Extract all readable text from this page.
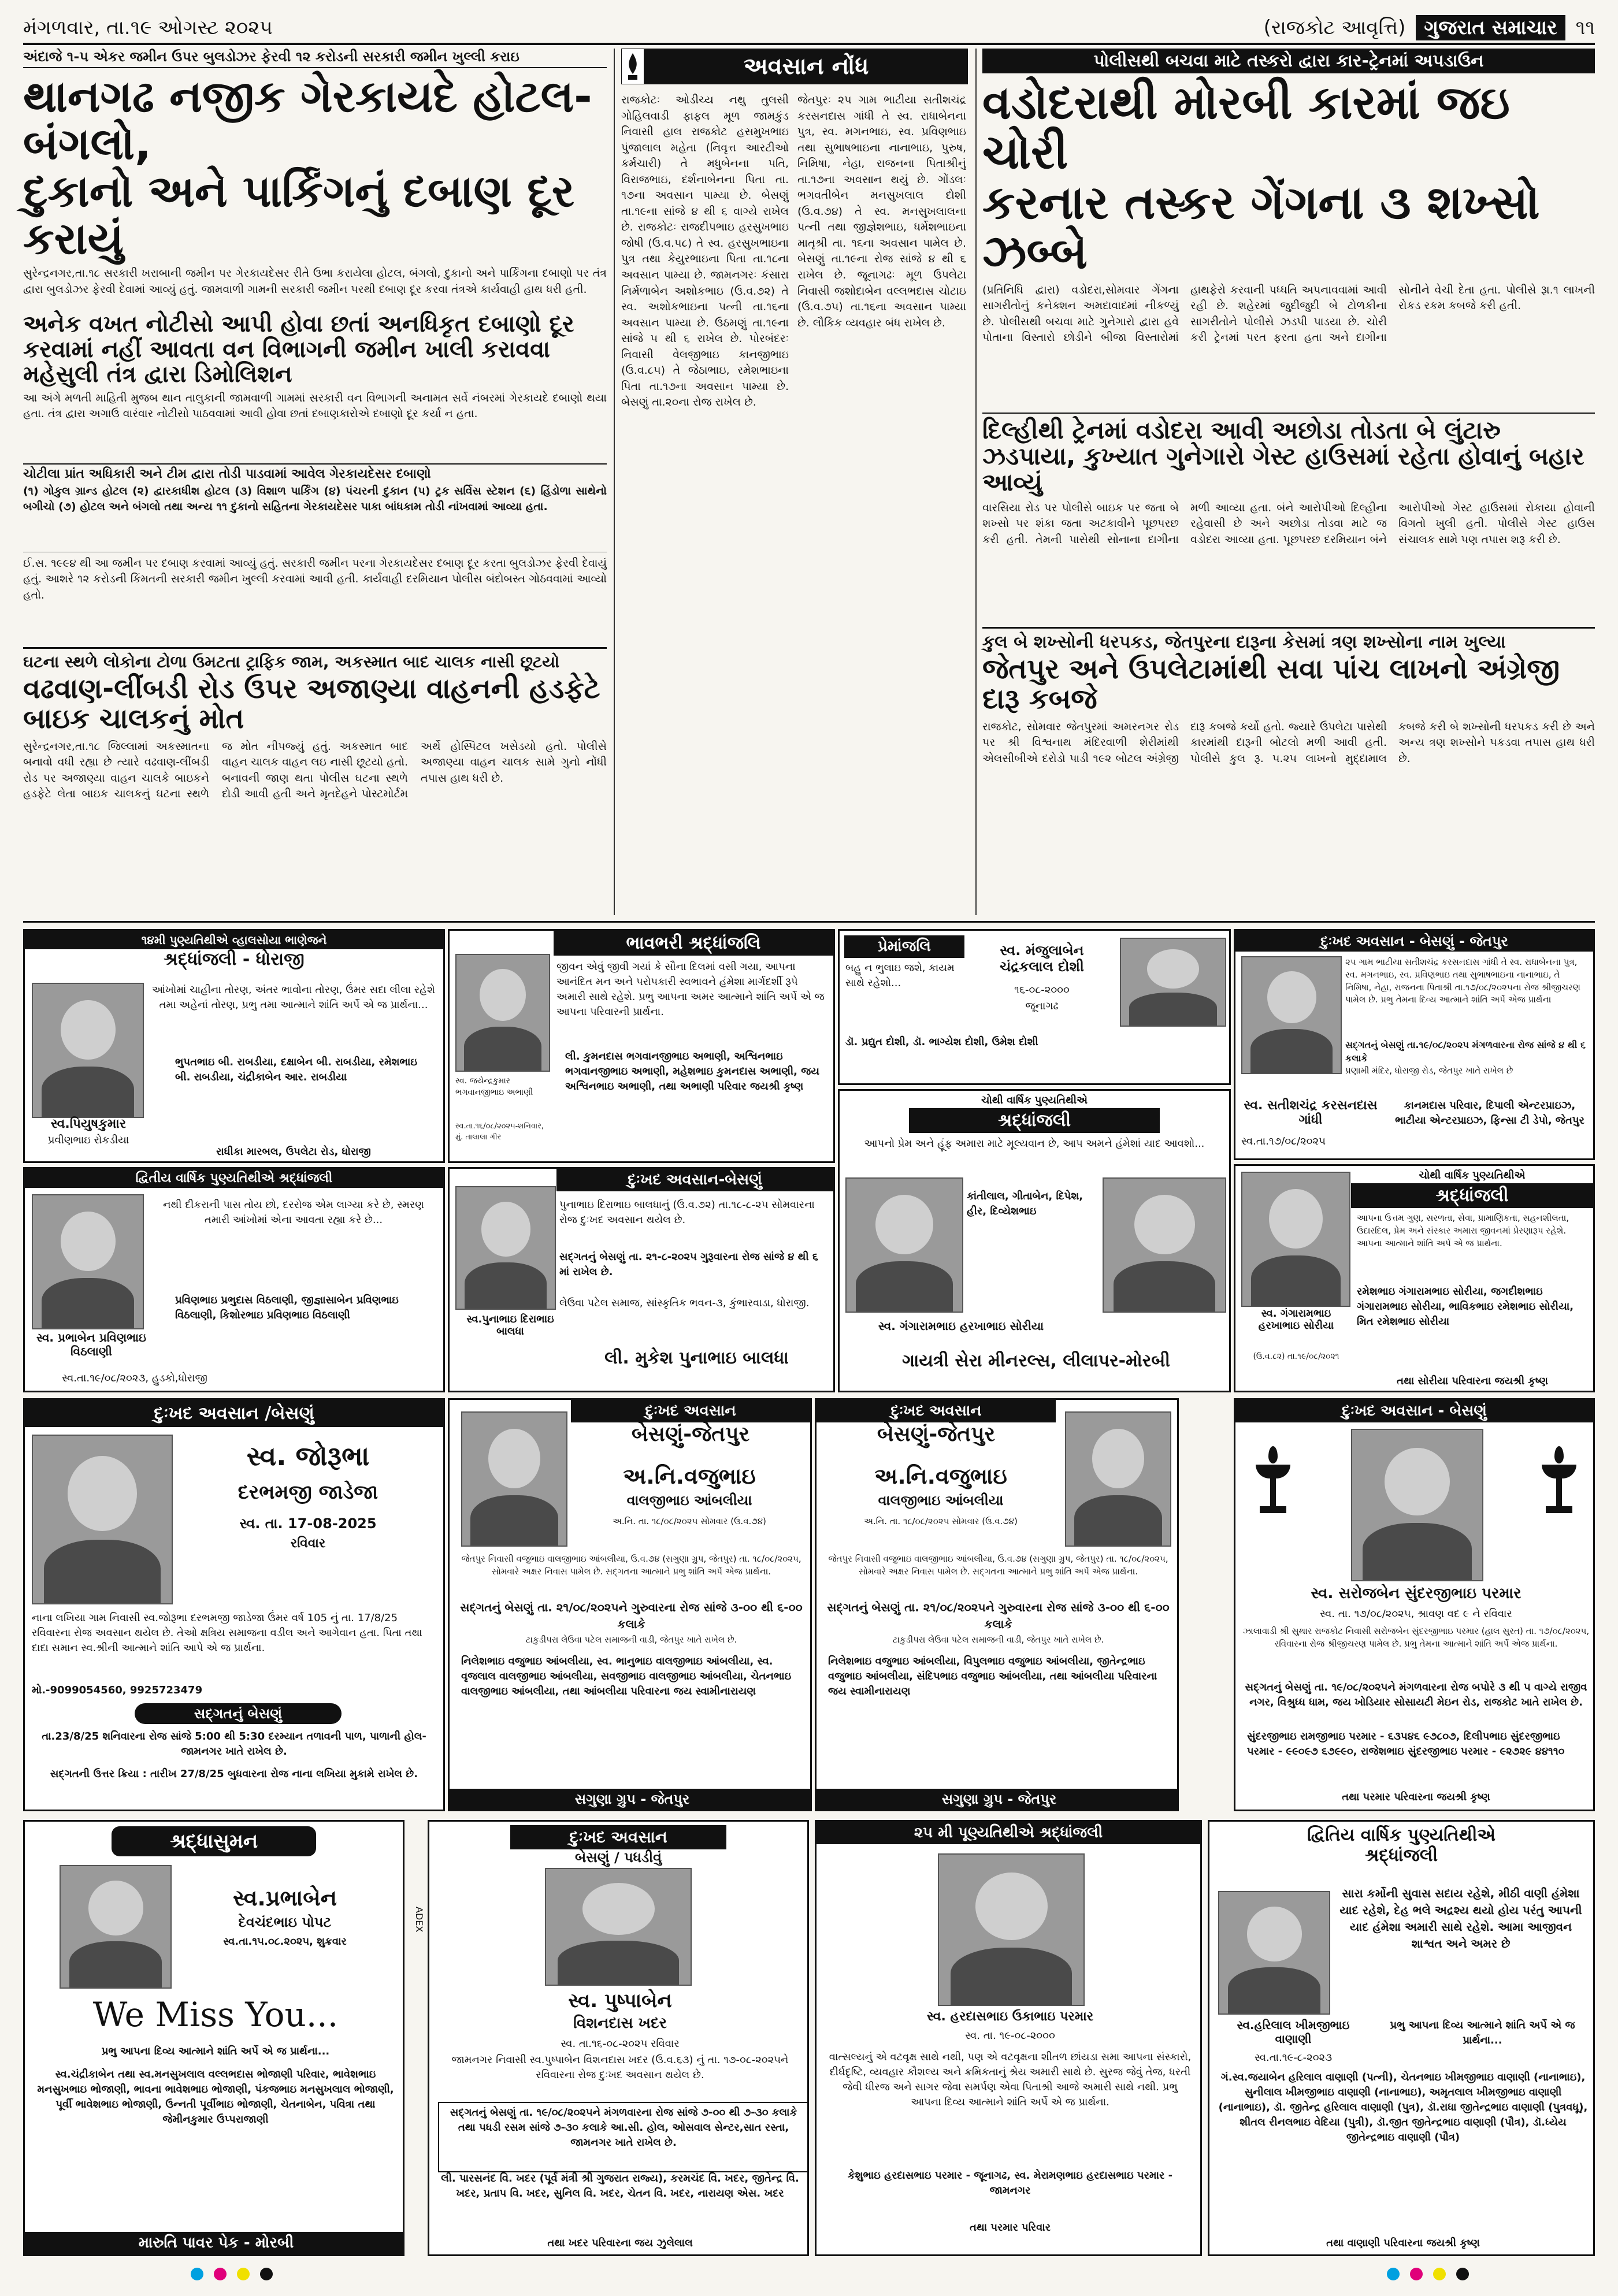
મંગળવાર, તા.૧૯ ઓગસ્ટ ૨૦૨૫	(રાજકોટ આવૃત્તિ) ગુજરાત સમાચાર ૧૧
અંદાજે ૧-૫ એકર જમીન ઉપર બુલડોઝર ફેરવી ૧૨ કરોડની સરકારી જમીન ખુલ્લી કરાઇ
થાનગઢ નજીક ગેરકાયદે હોટલ-બંગલો,
દુકાનો અને પાર્કિંગનું દબાણ દૂર કરાયું
સુરેન્દ્રનગર,તા.૧૮ સરકારી ખરાબાની જમીન પર ગેરકાયદેસર રીતે ઉભા કરાયેલા હોટલ, બંગલો, દુકાનો અને પાર્કિંગના દબાણો પર તંત્ર દ્વારા બુલડોઝર ફેરવી દેવામાં આવ્યું હતું. જામવાળી ગામની સરકારી જમીન પરથી દબાણ દૂર કરવા તંત્રએ કાર્યવાહી હાથ ધરી હતી.
અનેક વખત નોટીસો આપી હોવા છતાં અનધિકૃત દબાણો દૂર કરવામાં નહીં આવતા વન વિભાગની જમીન ખાલી કરાવવા મહેસુલી તંત્ર દ્વારા ડિમોલિશન
આ અંગે મળતી માહિતી મુજબ થાન તાલુકાની જામવાળી ગામમાં સરકારી વન વિભાગની અનામત સર્વે નંબરમાં ગેરકાયદે દબાણો થયા હતા. તંત્ર દ્વારા અગાઉ વારંવાર નોટીસો પાઠવવામાં આવી હોવા છતાં દબાણકારોએ દબાણો દૂર કર્યા ન હતા.
ચોટીલા પ્રાંત અધિકારી અને ટીમ દ્વારા તોડી પાડવામાં આવેલ ગેરકાયદેસર દબાણો
(૧) ગોકુલ ગ્રાન્ડ હોટલ (૨) દ્વારકાધીશ હોટલ (૩) વિશાળ પાર્કિંગ (૪) પંચરની દુકાન (૫) ટ્રક સર્વિસ સ્ટેશન (૬) હિંડોળા સાથેનો બગીચો (૭) હોટલ અને બંગલો તથા અન્ય ૧૧ દુકાનો સહિતના ગેરકાયદેસર પાકા બાંધકામ તોડી નાંખવામાં આવ્યા હતા.
ઈ.સ. ૧૯૯૪ થી આ જમીન પર દબાણ કરવામાં આવ્યું હતું. સરકારી જમીન પરના ગેરકાયદેસર દબાણ દૂર કરતા બુલડોઝર ફેરવી દેવાયું હતું. આશરે ૧૨ કરોડની કિંમતની સરકારી જમીન ખુલ્લી કરવામાં આવી હતી. કાર્યવાહી દરમિયાન પોલીસ બંદોબસ્ત ગોઠવવામાં આવ્યો હતો.
ઘટના સ્થળે લોકોના ટોળા ઉમટતા ટ્રાફિક જામ, અકસ્માત બાદ ચાલક નાસી છૂટયો
વઢવાણ-લીંબડી રોડ ઉપર અજાણ્યા વાહનની હડફેટે બાઇક ચાલકનું મોત
સુરેન્દ્રનગર,તા.૧૮ જિલ્લામાં અકસ્માતના બનાવો વધી રહ્યા છે ત્યારે વઢવાણ-લીંબડી રોડ પર અજાણ્યા વાહન ચાલકે બાઇકને હડફેટે લેતા બાઇક ચાલકનું ઘટના સ્થળે જ મોત નીપજ્યું હતું. અકસ્માત બાદ વાહન ચાલક વાહન લઇ નાસી છૂટયો હતો. બનાવની જાણ થતા પોલીસ ઘટના સ્થળે દોડી આવી હતી અને મૃતદેહને પોસ્ટમોર્ટમ અર્થે હોસ્પિટલ ખસેડયો હતો. પોલીસે અજાણ્યા વાહન ચાલક સામે ગુનો નોંધી તપાસ હાથ ધરી છે.
અવસાન નોંધ
રાજકોટઃ ઓડીચ્ય નથુ તુલસી ગોહિલવાડી ફાફલ મૂળ જામકુંડ નિવાસી હાલ રાજકોટ હસમુખભાઇ પુંજાલાલ મહેતા (નિવૃત્ત આરટીઓ કર્મચારી) તે મધુબેનના પતિ, વિરાજભાઇ, દર્શનાબેનના પિતા તા. ૧૭ના અવસાન પામ્યા છે. બેસણું તા.૧૯ના સાંજે ૪ થી ૬ વાગ્યે રાખેલ છે. રાજકોટઃ રાજદીપભાઇ હરસુખભાઇ જોષી (ઉ.વ.૫૮) તે સ્વ. હરસુખભાઇના પુત્ર તથા કેયુરભાઇના પિતા તા.૧૮ના અવસાન પામ્યા છે. જામનગરઃ કંસારા નિર્મળાબેન અશોકભાઇ (ઉ.વ.૭૨) તે સ્વ. અશોકભાઇના પત્ની તા.૧૬ના અવસાન પામ્યા છે. ઉઠમણું તા.૧૯ના સાંજે ૫ થી ૬ રાખેલ છે. પોરબંદરઃ નિવાસી વેલજીભાઇ કાનજીભાઇ (ઉ.વ.૮૫) તે જેઠાભાઇ, રમેશભાઇના પિતા તા.૧૭ના અવસાન પામ્યા છે. બેસણું તા.૨૦ના રોજ રાખેલ છે.
જેતપુરઃ ૨૫ ગામ ભાટીયા સતીશચંદ્ર કરસનદાસ ગાંધી તે સ્વ. રાધાબેનના પુત્ર, સ્વ. મગનભાઇ, સ્વ. પ્રવિણભાઇ તથા સુભાષભાઇના નાનાભાઇ, પુરુષ, નિમિષા, નેહા, રાજનના પિતાશ્રીનું તા.૧૭ના અવસાન થયું છે. ગોંડલઃ ભગવતીબેન મનસુખલાલ દોશી (ઉ.વ.૭૪) તે સ્વ. મનસુખલાલના પત્ની તથા જીજ્ઞેશભાઇ, ધર્મેશભાઇના માતૃશ્રી તા. ૧૬ના અવસાન પામેલ છે. બેસણું તા.૧૯ના રોજ સાંજે ૪ થી ૬ રાખેલ છે. જૂનાગઢઃ મૂળ ઉપલેટા નિવાસી જશોદાબેન વલ્લભદાસ ચોટાઇ (ઉ.વ.૭૫) તા.૧૬ના અવસાન પામ્યા છે. લૌકિક વ્યવહાર બંધ રાખેલ છે.
પોલીસથી બચવા માટે તસ્કરો દ્વારા કાર-ટ્રેનમાં અપડાઉન
વડોદરાથી મોરબી કારમાં જઇ ચોરી
કરનાર તસ્કર ગેંગના ૩ શખ્સો ઝબ્બે
(પ્રતિનિધિ દ્વારા) વડોદરા,સોમવાર ગેંગના સાગરીતોનું કનેક્શન અમદાવાદમાં નીકળ્યું છે. પોલીસથી બચવા માટે ગુનેગારો દ્વારા હવે પોતાના વિસ્તારો છોડીને બીજા વિસ્તારોમાં હાથફેરો કરવાની પધ્ધતિ અપનાવવામાં આવી રહી છે. શહેરમાં જુદીજુદી બે ટોળકીના સાગરીતોને પોલીસે ઝડપી પાડયા છે. ચોરી કરી ટ્રેનમાં પરત ફરતા હતા અને દાગીના સોનીને વેચી દેતા હતા. પોલીસે રૂા.૧ લાખની રોકડ રકમ કબજે કરી હતી.
દિલ્હીથી ટ્રેનમાં વડોદરા આવી અછોડા તોડતા બે લુંટારુ ઝડપાયા, કુખ્યાત ગુનેગારો ગેસ્ટ હાઉસમાં રહેતા હોવાનું બહાર આવ્યું
વારસિયા રોડ પર પોલીસે બાઇક પર જતા બે શખ્સો પર શંકા જતા અટકાવીને પૂછપરછ કરી હતી. તેમની પાસેથી સોનાના દાગીના મળી આવ્યા હતા. બંને આરોપીઓ દિલ્હીના રહેવાસી છે અને અછોડા તોડવા માટે જ વડોદરા આવ્યા હતા. પૂછપરછ દરમિયાન બંને આરોપીઓ ગેસ્ટ હાઉસમાં રોકાયા હોવાની વિગતો ખુલી હતી. પોલીસે ગેસ્ટ હાઉસ સંચાલક સામે પણ તપાસ શરૂ કરી છે.
કુલ બે શખ્સોની ધરપકડ, જેતપુરના દારૂના કેસમાં ત્રણ શખ્સોના નામ ખુલ્યા
જેતપુર અને ઉપલેટામાંથી સવા પાંચ લાખનો અંગ્રેજી દારૂ કબજે
રાજકોટ, સોમવાર જેતપુરમાં અમરનગર રોડ પર શ્રી વિશ્વનાથ મંદિરવાળી શેરીમાંથી એલસીબીએ દરોડો પાડી ૧૯૨ બોટલ અંગ્રેજી દારૂ કબજે કર્યો હતો. જ્યારે ઉપલેટા પાસેથી કારમાંથી દારૂની બોટલો મળી આવી હતી. પોલીસે કુલ રૂ. ૫.૨૫ લાખનો મુદ્દામાલ કબજે કરી બે શખ્સોની ધરપકડ કરી છે અને અન્ય ત્રણ શખ્સોને પકડવા તપાસ હાથ ધરી છે.
૧૪મી પુણ્યતિથીએ વ્હાલસોયા ભાણેજને
શ્રદ્ધાંજલી - ધોરાજી
આંખોમાં ચાહીના તોરણ, અંતર ભાવોના તોરણ, ઉંમર સદા લીલા રહેશે તમા અહેનાં તોરણ, પ્રભુ તમા આત્માને શાંતિ અર્પે એ જ પ્રાર્થના...
ભુપતભાઇ બી. રાબડીયા, દક્ષાબેન બી. રાબડીયા, રમેશભાઇ બી. રાબડીયા, ચંદ્રીકાબેન આર. રાબડીયા
સ્વ.પિયુષકુમાર
પ્રવીણભાઇ રોકડીયા
રાધીકા મારબલ, ઉપલેટા રોડ, ધોરાજી
ભાવભરી શ્રદ્ધાંજલિ
જીવન એવું જીવી ગયાં કે સૌના દિલમાં વસી ગયા, આપના આનંદિત મન અને પરોપકારી સ્વભાવને હંમેશા માર્ગદર્શી રૂપે અમારી સાથે રહેશે. પ્રભુ આપના અમર આત્માને શાંતિ અર્પે એ જ આપના પરિવારની પ્રાર્થના.
સ્વ. જયેન્દ્રકુમાર ભગવાનજીભાઇ અભાણી
સ્વ.તા.૧૬/૦૮/૨૦૨૫-શનિવાર, મું. તાલાલા ગીર
લી. કુમનદાસ ભગવાનજીભાઇ અભાણી, અશ્વિનભાઇ ભગવાનજીભાઇ અભાણી, મહેશભાઇ કુમનદાસ અભાણી, જય અશ્વિનભાઇ અભાણી, તથા અભાણી પરિવાર જયશ્રી કૃષ્ણ
પ્રેમાંજલિ
બહુ ન ભુલાઇ જશે, કાયમ સાથે રહેશો...
સ્વ. મંજુલાબેન ચંદ્રકલાલ દોશી
૧૬-૦૮-૨૦૦૦
જૂનાગઢ
ડૉ. પ્રદ્યુત દોશી, ડૉ. ભાગ્યેશ દોશી, ઉમેશ દોશી
દુઃખદ અવસાન - બેસણું - જેતપુર
૨૫ ગામ ભાટીયા સતીશચંદ્ર કરસનદાસ ગાંધી તે સ્વ. રાધાબેનના પુત્ર, સ્વ. મગનભાઇ, સ્વ. પ્રવિણભાઇ તથા સુભાષભાઇના નાનાભાઇ, તે નિમિષા, નેહા, રાજનના પિતાશ્રી તા.૧૭/૦૮/૨૦૨૫ના રોજ શ્રીજીચરણ પામેલ છે. પ્રભુ તેમના દિવ્ય આત્માને શાંતિ અર્પે એજ પ્રાર્થના
સદ્ગતનું બેસણું તા.૧૯/૦૮/૨૦૨૫ મંગળવારના રોજ સાંજે ૪ થી ૬ કલાકે
પ્રણામી મંદિર, ધોરાજી રોડ, જેતપુર ખાતે રાખેલ છે
સ્વ. સતીશચંદ્ર કરસનદાસ ગાંધી
સ્વ.તા.૧૭/૦૮/૨૦૨૫
કાનમદાસ પરિવાર, દિપાલી એન્ટરપ્રાઇઝ, ભાટીયા એન્ટરપ્રાઇઝ, ફિન્સા ટી ડેપો, જેતપુર
દ્વિતીય વાર્ષિક પુણ્યતિથીએ શ્રદ્ધાંજલી
નથી દીકરાની પાસ તોય છો, દરરોજ એમ લાગ્યા કરે છે, સ્મરણ તમારી આંખોમાં એના આવતા રહ્યા કરે છે...
પ્રવિણભાઇ પ્રભુદાસ વિઠલાણી, જીજ્ઞાસાબેન પ્રવિણભાઇ વિઠલાણી, કિશોરભાઇ પ્રવિણભાઇ વિઠલાણી
સ્વ. પ્રભાબેન પ્રવિણભાઇ વિઠલાણી
સ્વ.તા.૧૯/૦૮/૨૦૨૩, હુડકો,ધોરાજી
દુઃખદ અવસાન-બેસણું
પુનાભાઇ દિરાભાઇ બાલધાનું (ઉ.વ.૭૨) તા.૧૮-૮-૨૫ સોમવારના રોજ દુઃખદ અવસાન થયેલ છે.
સદ્ગતનું બેસણું તા. ૨૧-૮-૨૦૨૫ ગુરૂવારના રોજ સાંજે ૪ થી ૬ માં રાખેલ છે.
લેઉવા પટેલ સમાજ, સાંસ્કૃતિક ભવન-૩, કુંભારવાડા, ધોરાજી.
સ્વ.પુનાભાઇ દિરાભાઇ બાલધા
લી. મુકેશ પુનાભાઇ બાલધા
ચોથી વાર્ષિક પુણ્યતિથીએ
શ્રદ્ધાંજલી
આપનો પ્રેમ અને હૂંફ અમારા માટે મૂલ્યવાન છે, આપ અમને હંમેશાં યાદ આવશો...
કાંતીલાલ, ગીતાબેન, દિપેશ, હીર, દિવ્યેશભાઇ
સ્વ. ગંગારામભાઇ હરખાભાઇ સોરીયા
ગાયત્રી સેરા મીનરલ્સ, લીલાપર-મોરબી
ચોથી વાર્ષિક પુણ્યતિથીએ
શ્રદ્ધાંજલી
આપના ઉત્તમ ગુણ, સરળતા, સેવા, પ્રામાણિકતા, સહનશીલતા, ઉદારદિલ, પ્રેમ અને સંસ્કાર અમારા જીવનમાં પ્રેરણારૂપ રહેશે. આપના આત્માને શાંતિ અર્પે એ જ પ્રાર્થના.
રમેશભાઇ ગંગારામભાઇ સોરીયા, જગદીશભાઇ ગંગારામભાઇ સોરીયા, ભાવિકભાઇ રમેશભાઇ સોરીયા, મિત રમેશભાઇ સોરીયા
સ્વ. ગંગારામભાઇ હરખાભાઇ સોરીયા
(ઉ.વ.૮૨) તા.૧૯/૦૮/૨૦૨૧
તથા સોરીયા પરિવારના જયશ્રી કૃષ્ણ
દુઃખદ અવસાન /બેસણું
સ્વ. જોરૂભા
દરભમજી જાડેજા
સ્વ. તા. 17-08-2025
રવિવાર
નાના લખિયા ગામ નિવાસી સ્વ.જોરૂભા દરભમજી જાડેજા ઉંમર વર્ષ 105 નું તા. 17/8/25 રવિવારના રોજ અવસાન થયેલ છે. તેઓ ક્ષત્રિય સમાજના વડીલ અને આગેવાન હતા. પિતા તથા દાદા સમાન સ્વ.શ્રીની આત્માને શાંતિ આપે એ જ પ્રાર્થના.
મો.-9099054560, 9925723479
સદ્ગતનું બેસણું
તા.23/8/25 શનિવારના રોજ સાંજે 5:00 થી 5:30 દરમ્યાન તળાવની પાળ, પાળાની હોલ-જામનગર ખાતે રાખેલ છે.
સદ્ગતની ઉત્તર ક્રિયા : તારીખ 27/8/25 બુધવારના રોજ નાના લખિયા મુકામે રાખેલ છે.
દુઃખદ અવસાન
બેસણું-જેતપુર
અ.નિ.વજુભાઇ
વાલજીભાઇ આંબલીયા
અ.નિ. તા. ૧૮/૦૮/૨૦૨૫ સોમવાર (ઉ.વ.૭૪)
જેતપુર નિવાસી વજુભાઇ વાલજીભાઇ આંબલીયા, ઉ.વ.૭૪ (સગુણા ગ્રુપ, જેતપુર) તા. ૧૮/૦૮/૨૦૨૫, સોમવારે અક્ષર નિવાસ પામેલ છે. સદ્ગતના આત્માને પ્રભુ શાંતિ અર્પે એજ પ્રાર્થના.
સદ્ગતનું બેસણું તા. ૨૧/૦૮/૨૦૨૫ને ગુરુવારના રોજ સાંજે ૩-૦૦ થી ૬-૦૦ કલાકે
ટાકુડીપરા લેઉવા પટેલ સમાજની વાડી, જેતપુર ખાતે રાખેલ છે.
નિલેશભાઇ વજુભાઇ આંબલીયા, સ્વ. ભાનુભાઇ વાલજીભાઇ આંબલીયા, સ્વ. વૃજલાલ વાલજીભાઇ આંબલીયા, સવજીભાઇ વાલજીભાઇ આંબલીયા, ચેતનભાઇ વાલજીભાઇ આંબલીયા, તથા આંબલીયા પરિવારના જય સ્વામીનારાયણ
સગુણા ગ્રુપ - જેતપુર
દુઃખદ અવસાન
બેસણું-જેતપુર
અ.નિ.વજુભાઇ
વાલજીભાઇ આંબલીયા
અ.નિ. તા. ૧૮/૦૮/૨૦૨૫ સોમવાર (ઉ.વ.૭૪)
જેતપુર નિવાસી વજુભાઇ વાલજીભાઇ આંબલીયા, ઉ.વ.૭૪ (સગુણા ગ્રુપ, જેતપુર) તા. ૧૮/૦૮/૨૦૨૫, સોમવારે અક્ષર નિવાસ પામેલ છે. સદ્ગતના આત્માને પ્રભુ શાંતિ અર્પે એજ પ્રાર્થના.
સદ્ગતનું બેસણું તા. ૨૧/૦૮/૨૦૨૫ને ગુરુવારના રોજ સાંજે ૩-૦૦ થી ૬-૦૦ કલાકે
ટાકુડીપરા લેઉવા પટેલ સમાજની વાડી, જેતપુર ખાતે રાખેલ છે.
નિલેશભાઇ વજુભાઇ આંબલીયા, વિપુલભાઇ વજુભાઇ આંબલીયા, જીતેન્દ્રભાઇ વજુભાઇ આંબલીયા, સંદિપભાઇ વજુભાઇ આંબલીયા, તથા આંબલીયા પરિવારના જય સ્વામીનારાયણ
સગુણા ગ્રુપ - જેતપુર
દુઃખદ અવસાન - બેસણું
સ્વ. સરોજબેન સુંદરજીભાઇ પરમાર
સ્વ. તા. ૧૭/૦૮/૨૦૨૫, શ્રાવણ વદ ૯ ને રવિવાર
ઝાલાવાડી શ્રી સુથાર રાજકોટ નિવાસી સરોજબેન સુંદરજીભાઇ પરમાર (હાલ સુરત) તા. ૧૭/૦૮/૨૦૨૫, રવિવારના રોજ શ્રીજીચરણ પામેલ છે. પ્રભુ તેમના આત્માને શાંતિ અર્પે એજ પ્રાર્થના.
સદ્ગતનું બેસણું તા. ૧૯/૦૮/૨૦૨૫ને મંગળવારના રોજ બપોરે ૩ થી ૫ વાગ્યે રાજીવ નગર, વિશ્રુધ્ધ ધામ, જય ખોડિયાર સોસાયટી મેઇન રોડ, રાજકોટ ખાતે રાખેલ છે.
સુંદરજીભાઇ રામજીભાઇ પરમાર - ૬૩૫૪૬ ૯૭૮૦૭, દિલીપભાઇ સુંદરજીભાઇ પરમાર - ૯૯૦૯૭ ૬૭૯૯૦, રાજેશભાઇ સુંદરજીભાઇ પરમાર - ૯૨૭૨૯ ૪૪૧૧૦
તથા પરમાર પરિવારના જયશ્રી કૃષ્ણ
શ્રદ્ધાસુમન
સ્વ.પ્રભાબેન
દેવચંદભાઇ પોપટ
સ્વ.તા.૧૫.૦૮.૨૦૨૫, શુક્રવાર
We Miss You...
પ્રભુ આપના દિવ્ય આત્માને શાંતિ અર્પે એ જ પ્રાર્થના...
સ્વ.ચંદ્રીકાબેન તથા સ્વ.મનસુખલાલ વલ્લભદાસ ભોજાણી પરિવાર, ભાવેશભાઇ મનસુખભાઇ ભોજાણી, ભાવના ભાવેશભાઇ ભોજાણી, પંકજભાઇ મનસુખલાલ ભોજાણી, પૂર્વી ભાવેશભાઇ ભોજાણી, ઉન્નતી પૂર્વીભાઇ ભોજાણી, ચેતનાબેન, પવિત્રા તથા જેમીનકુમાર ઉપ્પરાજાણી
મારુતિ પાવર પેક - મોરબી
ADEX
દુઃખદ અવસાન
બેસણું / પધડીવું
સ્વ. પુષ્પાબેન
વિશનદાસ ખદર
સ્વ. તા.૧૬-૦૮-૨૦૨૫ રવિવાર
જામનગર નિવાસી સ્વ.પુષ્પાબેન વિશનદાસ ખદર (ઉ.વ.૬૩) નું તા. ૧૭-૦૮-૨૦૨૫ને રવિવારના રોજ દુઃખદ અવસાન થયેલ છે.
સદ્ગતનું બેસણું તા. ૧૯/૦૮/૨૦૨૫ને મંગળવારના રોજ સાંજે ૭-૦૦ થી ૭-૩૦ કલાકે તથા પધડી રસમ સાંજે ૭-૩૦ કલાકે આ.સી. હોલ, ઓસવાલ સેન્ટર,સાત રસ્તા, જામનગર ખાતે રાખેલ છે.
લી. પારસનંદ વિ. ખદર (પૂર્વ મંત્રી શ્રી ગુજરાત રાજ્ય), કરમચંદ વિ. ખદર, જીતેન્દ્ર વિ. ખદર, પ્રતાપ વિ. ખદર, સુનિલ વિ. ખદર, ચેતન વિ. ખદર, નારાયણ એસ. ખદર
તથા ખદર પરિવારના જય ઝુલેલાલ
૨૫ મી પૂણ્યતિથીએ શ્રદ્ધાંજલી
સ્વ. હરદાસભાઇ ઉકાભાઇ પરમાર
સ્વ. તા. ૧૯-૦૮-૨૦૦૦
વાત્સલ્યનું એ વટવૃક્ષ સાથે નથી, પણ એ વટવૃક્ષના શીતળ છાંયડા સમા આપના સંસ્કારો, દીર્ઘદૃષ્ટિ, વ્યવહાર કૌશલ્ય અને ક્રમિકતાનું શ્રેય અમારી સાથે છે. સુરજ જેવું તેજ, ધરતી જેવી ધીરજ અને સાગર જેવા સમર્પણ એવા પિતાશ્રી આજે અમારી સાથે નથી. પ્રભુ આપના દિવ્ય આત્માને શાંતિ અર્પે એ જ પ્રાર્થના.
કેશુભાઇ હરદાસભાઇ પરમાર - જૂનાગઢ, સ્વ. મેરામણભાઇ હરદાસભાઇ પરમાર - જામનગર
તથા પરમાર પરિવાર
દ્વિતિય વાર્ષિક પુણ્યતિથીએ
શ્રદ્ધાંજલી
સારા કર્મોની સુવાસ સદાય રહેશે, મીઠી વાણી હંમેશા યાદ રહેશે, દેહ ભલે અદ્રશ્ય થયો હોય પરંતુ આપની યાદ હંમેશા અમારી સાથે રહેશે. આમા આજીવન શાશ્વત અને અમર છે
સ્વ.હરિલાલ ખીમજીભાઇ વાણાણી
સ્વ.તા.૧૯-૮-૨૦૨૩
પ્રભુ આપના દિવ્ય આત્માને શાંતિ અર્પે એ જ પ્રાર્થના...
ગં.સ્વ.જયાબેન હરિલાલ વાણાણી (પત્ની), ચેતનભાઇ ખીમજીભાઇ વાણાણી (નાનાભાઇ), સુનીલાલ ખીમજીભાઇ વાણાણી (નાનાભાઇ), અમૃતલાલ ખીમજીભાઇ વાણાણી (નાનાભાઇ), ડૉ. જીતેન્દ્ર હરિલાલ વાણાણી (પુત્ર), ડૉ.રાધા જીતેન્દ્રભાઇ વાણાણી (પુત્રવધૂ), શીતલ રીનલભાઇ વેદિયા (પુત્રી), ડૉ.જીત જીતેન્દ્રભાઇ વાણાણી (પૌત્ર), ડૉ.ધ્યેય જીતેન્દ્રભાઇ વાણાણી (પૌત્ર)
તથા વાણાણી પરિવારના જયશ્રી કૃષ્ણ
